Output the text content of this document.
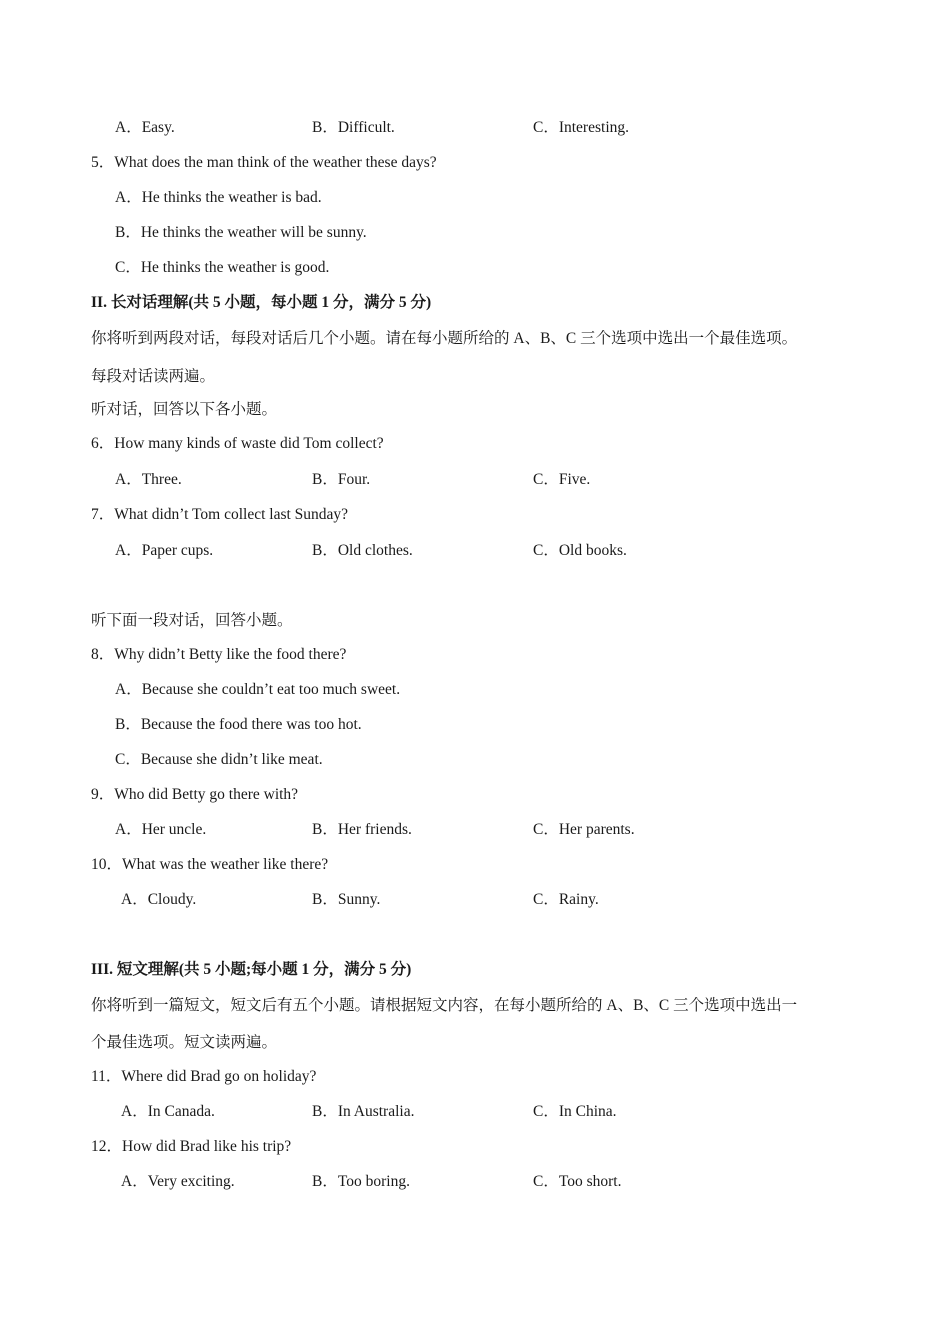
A．Easy.	B．Difficult.	C．Interesting.
5．What does the man think of the weather these days?
A．He thinks the weather is bad.
B．He thinks the weather will be sunny.
C．He thinks the weather is good.
II. 长对话理解(共 5 小题，每小题 1 分，满分 5 分)
你将听到两段对话，每段对话后几个小题。请在每小题所给的 A、B、C 三个选项中选出一个最佳选项。
每段对话读两遍。
听对话，回答以下各小题。
6．How many kinds of waste did Tom collect?
A．Three.	B．Four.	C．Five.
7．What didn’t Tom collect last Sunday?
A．Paper cups.	B．Old clothes.	C．Old books.
听下面一段对话，回答小题。
8．Why didn’t Betty like the food there?
A．Because she couldn’t eat too much sweet.
B．Because the food there was too hot.
C．Because she didn’t like meat.
9．Who did Betty go there with?
A．Her uncle.	B．Her friends.	C．Her parents.
10．What was the weather like there?
A．Cloudy.	B．Sunny.	C．Rainy.
III. 短文理解(共 5 小题;每小题 1 分，满分 5 分)
你将听到一篇短文，短文后有五个小题。请根据短文内容，在每小题所给的 A、B、C 三个选项中选出一
个最佳选项。短文读两遍。
11．Where did Brad go on holiday?
A．In Canada.	B．In Australia.	C．In China.
12．How did Brad like his trip?
A．Very exciting.	B．Too boring.	C．Too short.
